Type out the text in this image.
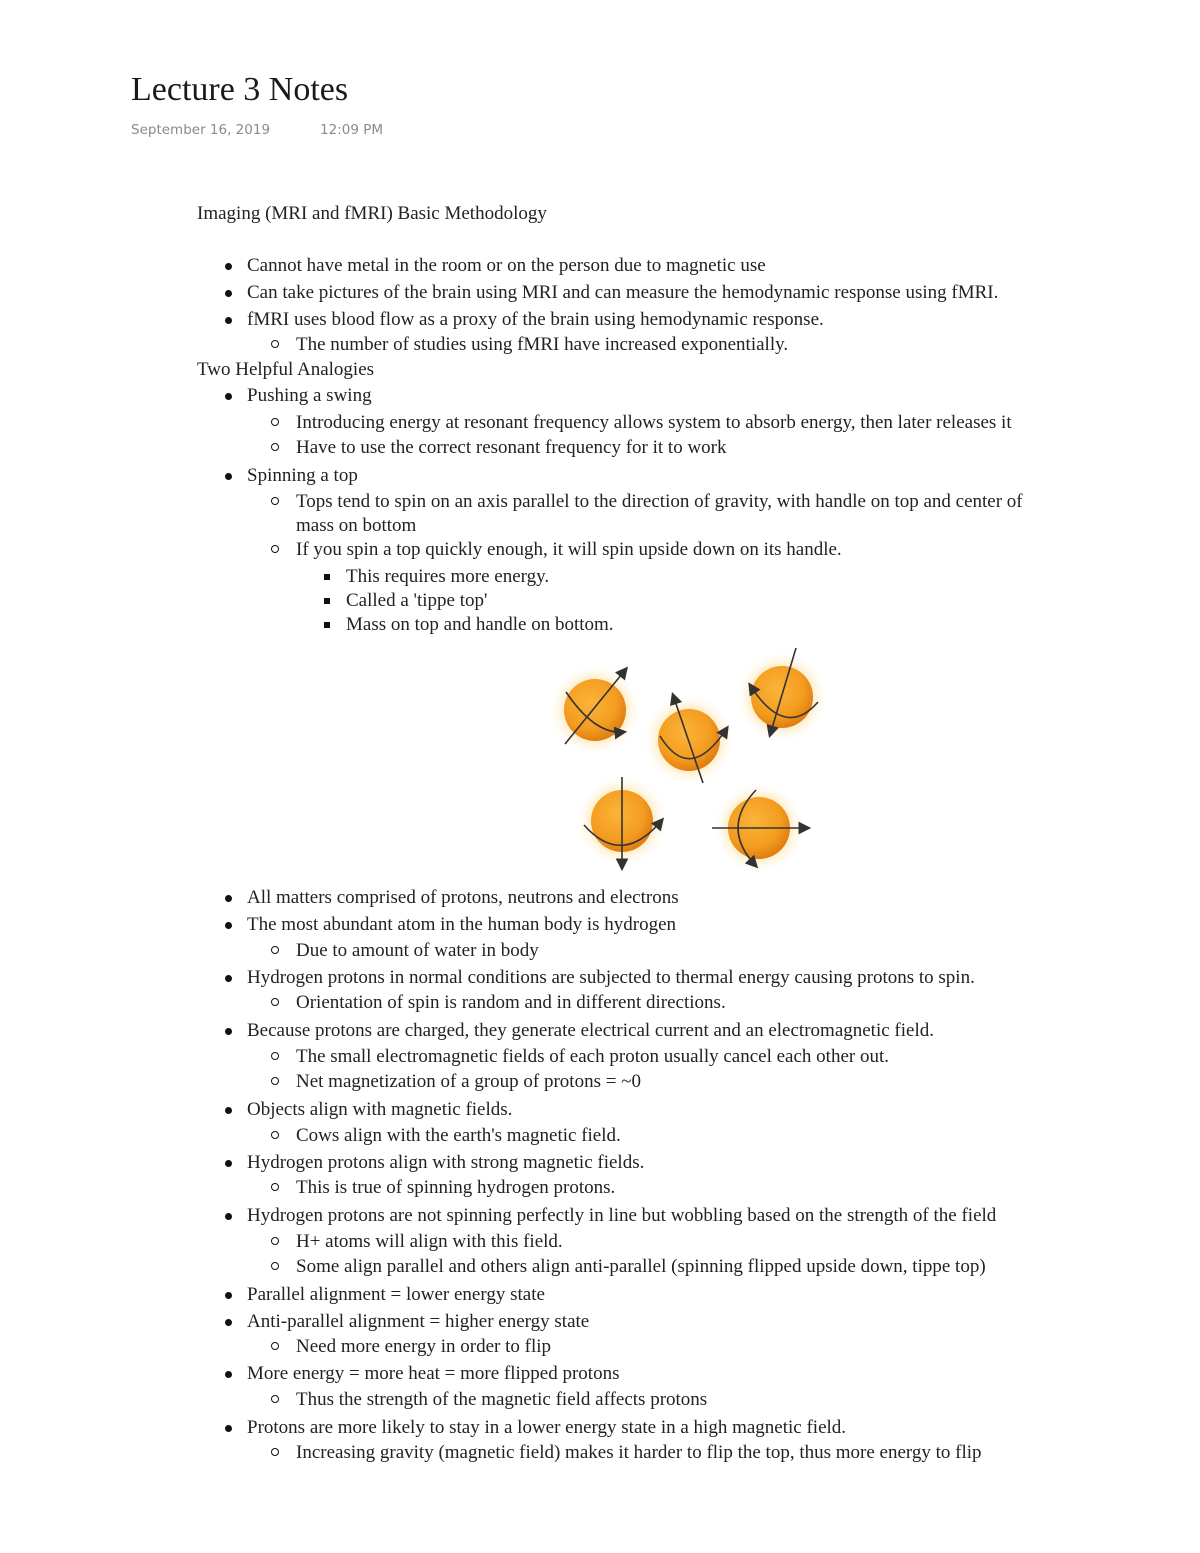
Lecture 3 Notes
September 16, 2019	12:09 PM
Imaging (MRI and fMRI) Basic Methodology
Cannot have metal in the room or on the person due to magnetic use
Can take pictures of the brain using MRI and can measure the hemodynamic response using fMRI.
fMRI uses blood flow as a proxy of the brain using hemodynamic response.
The number of studies using fMRI have increased exponentially.
Two Helpful Analogies
Pushing a swing
Introducing energy at resonant frequency allows system to absorb energy, then later releases it
Have to use the correct resonant frequency for it to work
Spinning a top
Tops tend to spin on an axis parallel to the direction of gravity, with handle on top and center of
mass on bottom
If you spin a top quickly enough, it will spin upside down on its handle.
This requires more energy.
Called a 'tippe top'
Mass on top and handle on bottom.
All matters comprised of protons, neutrons and electrons
The most abundant atom in the human body is hydrogen
Due to amount of water in body
Hydrogen protons in normal conditions are subjected to thermal energy causing protons to spin.
Orientation of spin is random and in different directions.
Because protons are charged, they generate electrical current and an electromagnetic field.
The small electromagnetic fields of each proton usually cancel each other out.
Net magnetization of a group of protons = ~0
Objects align with magnetic fields.
Cows align with the earth's magnetic field.
Hydrogen protons align with strong magnetic fields.
This is true of spinning hydrogen protons.
Hydrogen protons are not spinning perfectly in line but wobbling based on the strength of the field
H+ atoms will align with this field.
Some align parallel and others align anti-parallel (spinning flipped upside down, tippe top)
Parallel alignment = lower energy state
Anti-parallel alignment = higher energy state
Need more energy in order to flip
More energy = more heat = more flipped protons
Thus the strength of the magnetic field affects protons
Protons are more likely to stay in a lower energy state in a high magnetic field.
Increasing gravity (magnetic field) makes it harder to flip the top, thus more energy to flip
